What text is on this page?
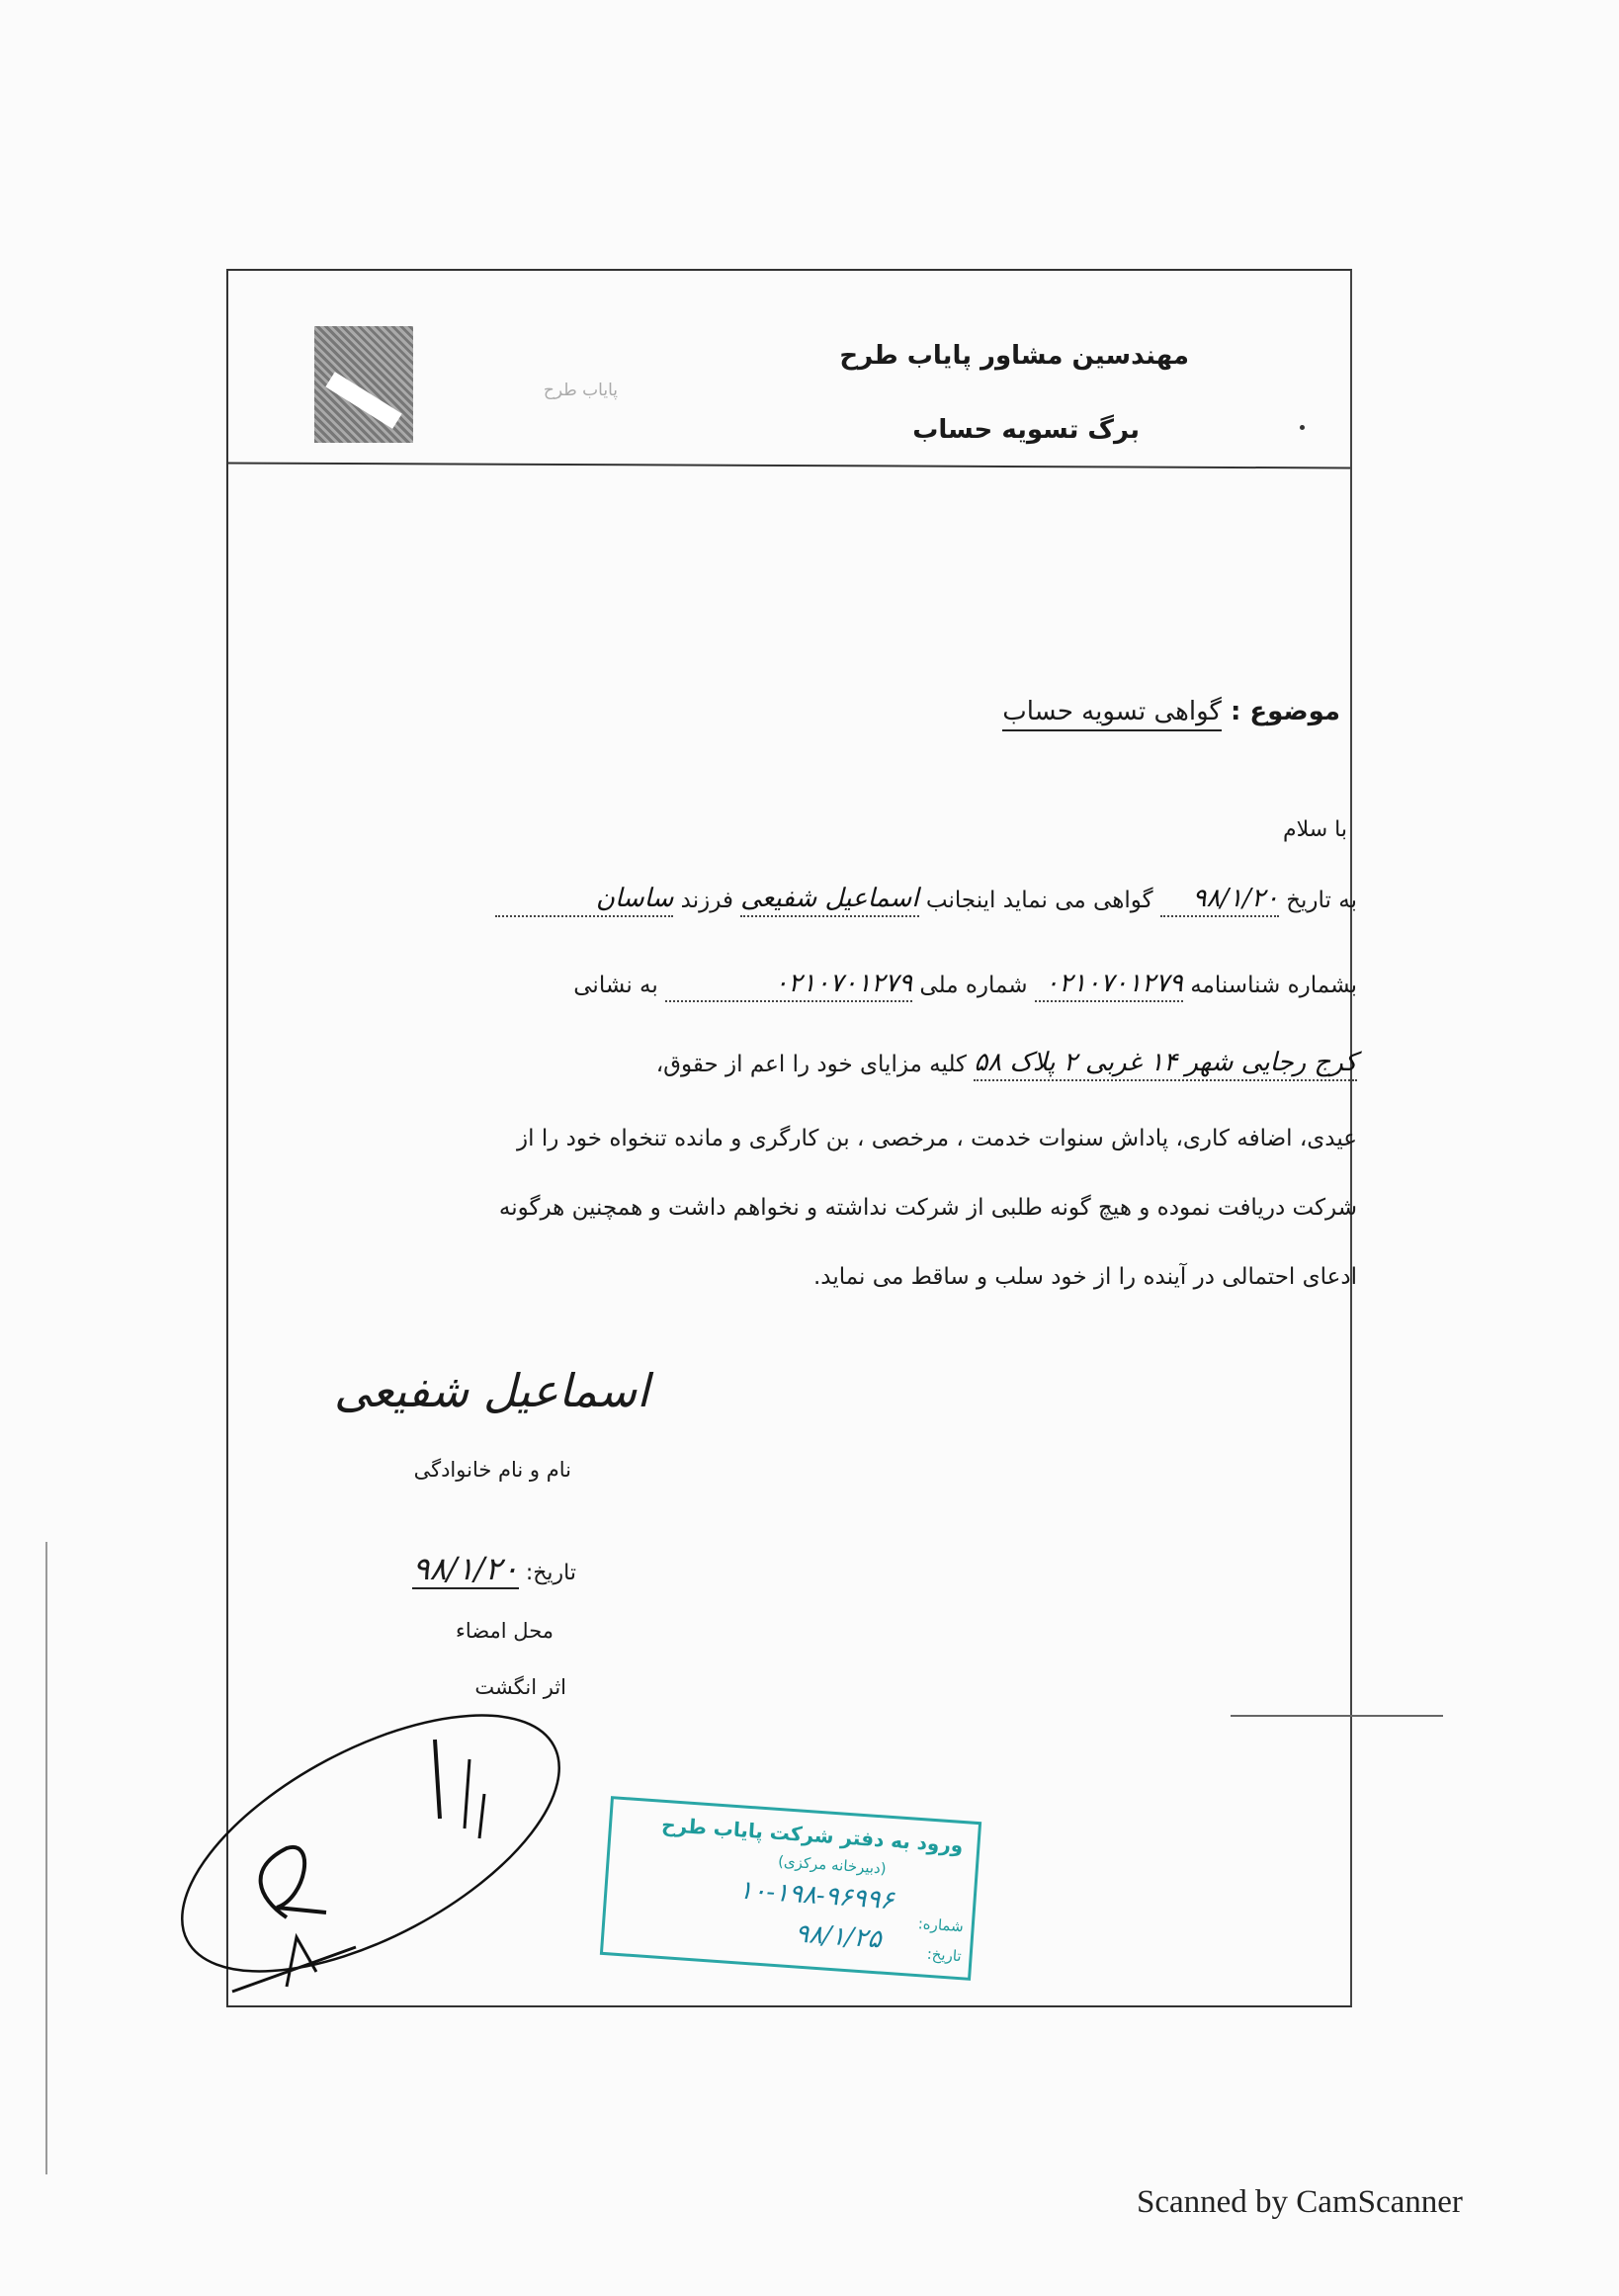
پایاب طرح
مهندسین مشاور پایاب طرح
برگ تسویه حساب
موضوع : گواهی تسویه حساب
با سلام
به تاریخ ۹۸/۱/۲۰ گواهی می نماید اینجانب اسماعیل شفیعی فرزند ساسان
بشماره شناسنامه ۰۲۱۰۷۰۱۲۷۹ شماره ملی ۰۲۱۰۷۰۱۲۷۹ به نشانی
کرج رجایی شهر ۱۴ غربی ۲ پلاک ۵۸ کلیه مزایای خود را اعم از حقوق،
عیدی، اضافه کاری، پاداش سنوات خدمت ، مرخصی ، بن کارگری و مانده تنخواه خود را از
شرکت دریافت نموده و هیچ گونه طلبی از شرکت نداشته و نخواهم داشت و همچنین هرگونه
ادعای احتمالی در آینده را از خود سلب و ساقط می نماید.
اسماعیل شفیعی
نام و نام خانوادگی
تاریخ: ۹۸/۱/۲۰
محل امضاء
اثر انگشت
ورود به دفتر شرکت پایاب طرح
(دبیرخانه مرکزی)
شماره:
۱۰-۱۹۸-۹۶۹۹۶
تاریخ:
۹۸/۱/۲۵
Scanned by CamScanner
